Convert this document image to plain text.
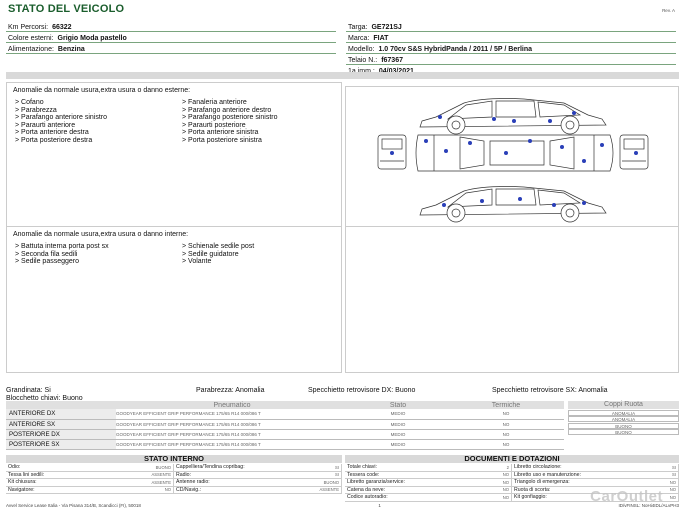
STATO DEL VEICOLO	Rev. A
Km Percorsi: 66322
Colore esterni: Grigio Moda pastello
Alimentazione: Benzina
Targa: GE721SJ
Marca: FIAT
Modello: 1.0 70cv S&S HybridPanda / 2011 / 5P / Berlina
Telaio N.: f67367
Anomalie da normale usura,extra usura o danno esterne:
> Cofano
> Parabrezza
> Parafango anteriore sinistro
> Paraurti anteriore
> Porta anteriore destra
> Porta posteriore destra
> Fanaleria anteriore
> Parafango anteriore destro
> Parafango posteriore sinistro
> Paraurti posteriore
> Porta anteriore sinistra
> Porta posteriore sinistra
Anomalie da normale usura,extra usura o danno interne:
> Battuta interna porta post sx
> Seconda fila sedili
> Sedile passeggero
> Schienale sedile post
> Sedile guidatore
> Volante
Grandinata: Si	Parabrezza: Anomalia	Specchietto retrovisore DX: Buono	Specchietto retrovisore SX: Anomalia
Blocchetto chiavi: Buono
	Pneumatico	Stato	Termiche
ANTERIORE DX	GOODYEAR EFFICIENT GRIP PERFORMANCE 175/65 R14 000/086 T	MEDIO	NO
ANTERIORE SX	GOODYEAR EFFICIENT GRIP PERFORMANCE 175/65 R14 000/086 T	MEDIO	NO
POSTERIORE DX	GOODYEAR EFFICIENT GRIP PERFORMANCE 175/65 R14 000/086 T	MEDIO	NO
POSTERIORE SX	GOODYEAR EFFICIENT GRIP PERFORMANCE 175/65 R14 000/086 T	MEDIO	NO
Coppi Ruota
ANOMALIA
ANOMALIA
BUONO
BUONO
STATO INTERNO
Odio:	BUONO Cappelliera/Tendina copribag:	SI
Tessa lini sedili:	ASSENTE Radio:	SI
Kit chiusura:	ASSENTE Antenne radio:	BUONO
Navigatore:	NO CD/Navig.:	ASSENTE
DOCUMENTI E DOTAZIONI
Totale chiavi:	2 Libretto circolazione:	SI
Tessera code:	NO Libretto uso e manutenzione:	SI
Libretto garanzia/service:	NO Triangolo di emergenza:	NO
Catena da neve:	NO Ruota di scorta:	NO
Codice autoradio:	NO Kit gonfiaggio:	NO
CarOutlet
Avvel Service Lease Italia - Via Pisana 314/B, Scandicci (FI), 50018	1	ID/vFINSL: NoHi4IDL/ALvPH3
